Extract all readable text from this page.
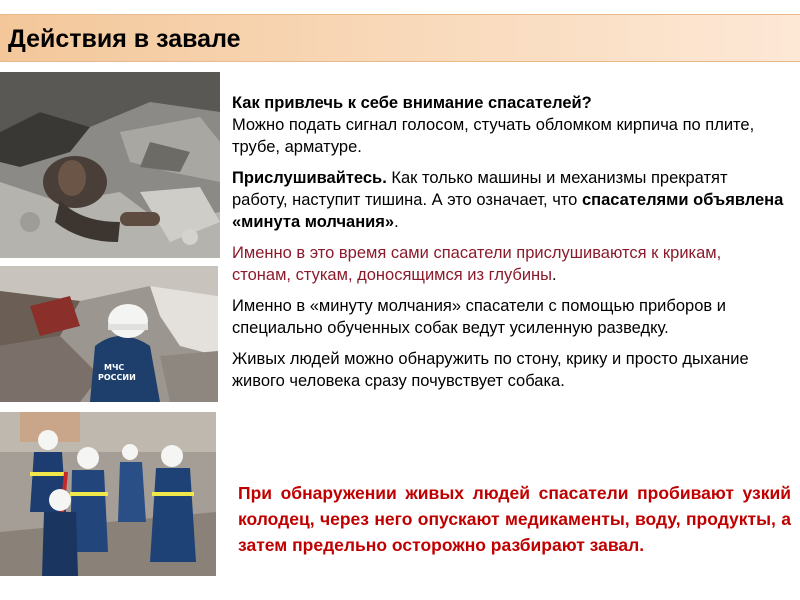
Действия в завале
МЧС
РОССИИ

Как привлечь к себе внимание спасателей?
Можно подать сигнал голосом, стучать обломком кирпича по плите, трубе, арматуре.

Прислушивайтесь. Как только машины и механизмы прекратят работу, наступит тишина. А это означает, что спасателями объявлена «минута молчания».

Именно в это время сами спасатели прислушиваются к крикам, стонам, стукам, доносящимся из глубины.

Именно в «минуту молчания» спасатели с помощью приборов и специально обученных собак ведут усиленную разведку.

Живых людей можно обнаружить по стону, крику и просто дыхание живого человека сразу почувствует собака.

При обнаружении живых людей спасатели пробивают узкий колодец, через него опускают медикаменты, воду, продукты, а затем предельно осторожно разбирают завал.
